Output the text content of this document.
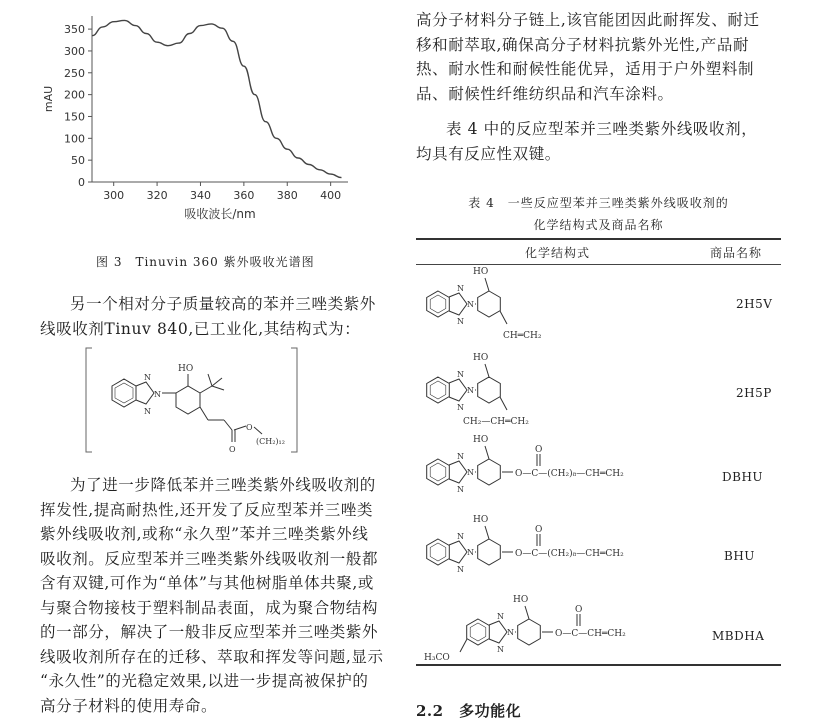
0
50
100
150
200
250
300
350
300 320 340 360 380 400
mAU
吸收波长/nm
图 3　Tinuvin 360 紫外吸收光谱图
另一个相对分子质量较高的苯并三唑类紫外
线吸收剂Tinuv 840,已工业化,其结构式为：
N
N
N
HO
O
O
(CH₂)₁₂
为了进一步降低苯并三唑类紫外线吸收剂的
挥发性,提高耐热性,还开发了反应型苯并三唑类
紫外线吸收剂,或称“永久型”苯并三唑类紫外线
吸收剂。反应型苯并三唑类紫外线吸收剂一般都
含有双键,可作为“单体”与其他树脂单体共聚,或
与聚合物接枝于塑料制品表面，成为聚合物结构
的一部分，解决了一般非反应型苯并三唑类紫外
线吸收剂所存在的迁移、萃取和挥发等问题,显示
“永久性”的光稳定效果,以进一步提高被保护的
高分子材料的使用寿命。
高分子材料分子链上,该官能团因此耐挥发、耐迁
移和耐萃取,确保高分子材料抗紫外光性,产品耐
热、耐水性和耐候性能优异，适用于户外塑料制
品、耐候性纤维纺织品和汽车涂料。
表 4 中的反应型苯并三唑类紫外线吸收剂，
均具有反应性双键。
表 4　一些反应型苯并三唑类紫外线吸收剂的
化学结构式及商品名称
化学结构式	商品名称
N
N
N
HO
CH═CH₂
N
N
N
HO
CH₂—CH═CH₂
N
N
N
HO
O—C—(CH₂)₈—CH═CH₂
O
N
N
N
HO
O—C—(CH₂)₈—CH═CH₂
O
N
N
N
HO
O—C—CH═CH₂
O
H₃CO
2H5V
2H5P
DBHU
BHU
MBDHA
2.2　多功能化
